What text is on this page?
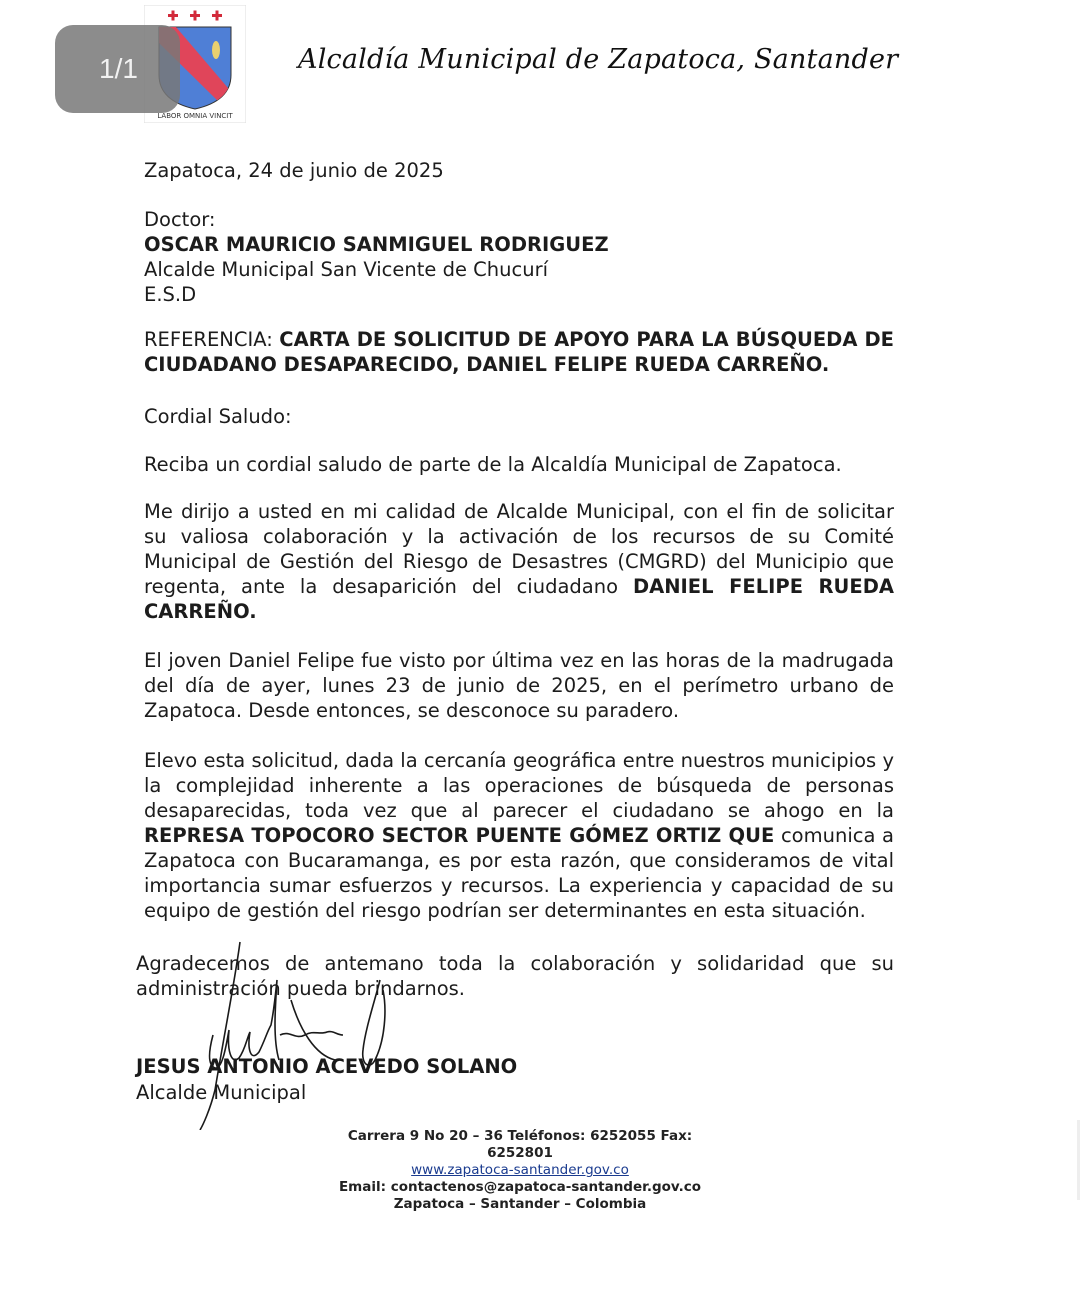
1/1
LABOR OMNIA VINCIT
Alcaldía Municipal de Zapatoca, Santander
Zapatoca, 24 de junio de 2025
Doctor:
OSCAR MAURICIO SANMIGUEL RODRIGUEZ
Alcalde Municipal San Vicente de Chucurí
E.S.D
REFERENCIA: CARTA DE SOLICITUD DE APOYO PARA LA BÚSQUEDA DE CIUDADANO DESAPARECIDO, DANIEL FELIPE RUEDA CARREÑO.
Cordial Saludo:
Reciba un cordial saludo de parte de la Alcaldía Municipal de Zapatoca.
Me dirijo a usted en mi calidad de Alcalde Municipal, con el fin de solicitar su valiosa colaboración y la activación de los recursos de su Comité Municipal de Gestión del Riesgo de Desastres (CMGRD) del Municipio que regenta, ante la desaparición del ciudadano DANIEL FELIPE RUEDA CARREÑO.
El joven Daniel Felipe fue visto por última vez en las horas de la madrugada del día de ayer, lunes 23 de junio de 2025, en el perímetro urbano de Zapatoca. Desde entonces, se desconoce su paradero.
Elevo esta solicitud, dada la cercanía geográfica entre nuestros municipios y la complejidad inherente a las operaciones de búsqueda de personas desaparecidas, toda vez que al parecer el ciudadano se ahogo en la REPRESA TOPOCORO SECTOR PUENTE GÓMEZ ORTIZ QUE comunica a Zapatoca con Bucaramanga, es por esta razón, que consideramos de vital importancia sumar esfuerzos y recursos. La experiencia y capacidad de su equipo de gestión del riesgo podrían ser determinantes en esta situación.
Agradecemos de antemano toda la colaboración y solidaridad que su administración pueda brindarnos.
JESUS ANTONIO ACEVEDO SOLANO
Alcalde Municipal
Carrera 9 No 20 – 36 Teléfonos: 6252055 Fax: 6252801
www.zapatoca-santander.gov.co
Email: contactenos@zapatoca-santander.gov.co
Zapatoca – Santander – Colombia
